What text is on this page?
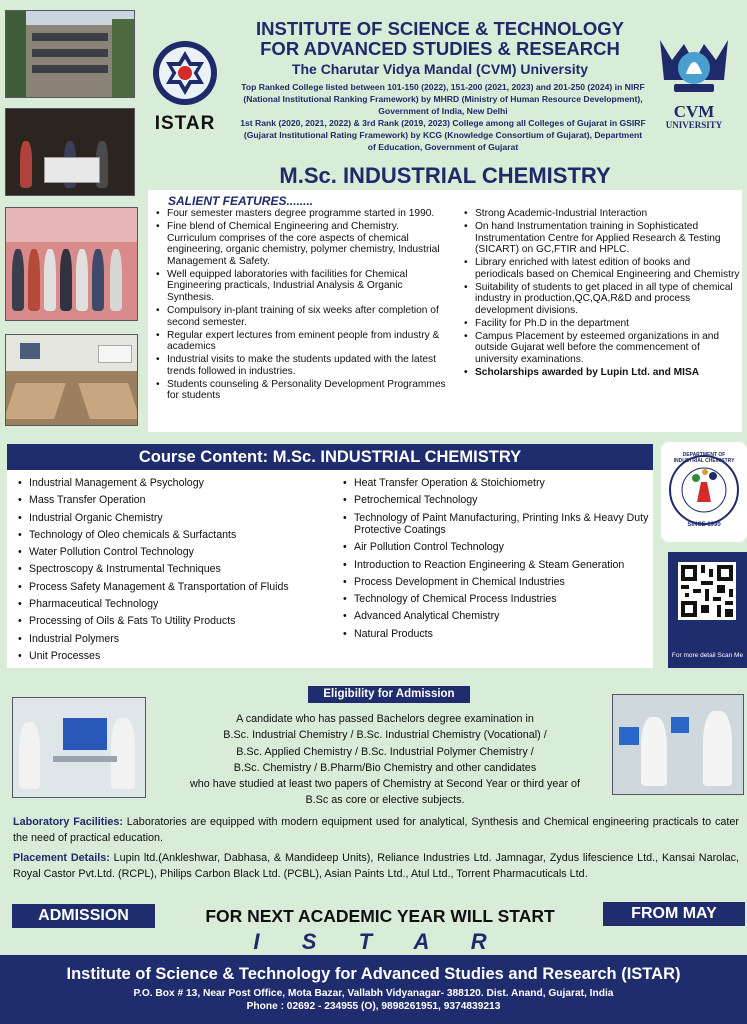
ISTAR
CVM
UNIVERSITY
INSTITUTE OF SCIENCE & TECHNOLOGY
FOR ADVANCED STUDIES & RESEARCH
The Charutar Vidya Mandal (CVM) University
Top Ranked College listed between 101-150 (2022), 151-200 (2021, 2023) and 201-250 (2024) in NIRF
(National Institutional Ranking Framework) by MHRD (Ministry of Human Resource Development),
Government of India, New Delhi
1st Rank (2020, 2021, 2022) & 3rd Rank (2019, 2023) College among all Colleges of Gujarat in GSIRF
(Gujarat Institutional Rating Framework) by KCG (Knowledge Consortium of Gujarat), Department
of Education, Government of Gujarat
M.Sc. INDUSTRIAL CHEMISTRY
SALIENT FEATURES........
• Four semester masters degree programme started in 1990.
• Fine blend of Chemical Engineering and Chemistry. Curriculum comprises of the core aspects of chemical engineering, organic chemistry, polymer chemistry, Industrial Management & Safety.
• Well equipped laboratories with facilities for Chemical Engineering practicals, Industrial Analysis & Organic Synthesis.
• Compulsory in-plant training of six weeks after completion of second semester.
• Regular expert lectures from eminent people from industry & academics
• Industrial visits to make the students updated with the latest trends followed in industries.
• Students counseling & Personality Development Programmes for students
• Strong Academic-Industrial Interaction
• On hand Instrumentation training in Sophisticated Instrumentation Centre for Applied Research & Testing (SICART) on GC,FTIR and HPLC.
• Library enriched with latest edition of books and periodicals based on Chemical Engineering and Chemistry
• Suitability of students to get placed in all type of chemical industry in production,QC,QA,R&D and process development divisions.
• Facility for Ph.D in the department
• Campus Placement by esteemed organizations in and outside Gujarat well before the commencement of university examinations.
• Scholarships awarded by Lupin Ltd. and MISA
Course Content: M.Sc. INDUSTRIAL CHEMISTRY
• Industrial Management & Psychology
• Mass Transfer Operation
• Industrial Organic Chemistry
• Technology of Oleo chemicals & Surfactants
• Water Pollution Control Technology
• Spectroscopy & Instrumental Techniques
• Process Safety Management & Transportation of Fluids
• Pharmaceutical Technology
• Processing of Oils & Fats To Utility Products
• Industrial Polymers
• Unit Processes
• Heat Transfer Operation & Stoichiometry
• Petrochemical Technology
• Technology of Paint Manufacturing, Printing Inks & Heavy Duty Protective Coatings
• Air Pollution Control Technology
• Introduction to Reaction Engineering & Steam Generation
• Process Development in Chemical Industries
• Technology of Chemical Process Industries
• Advanced Analytical Chemistry
• Natural Products
DEPARTMENT OF INDUSTRIAL CHEMISTRY
SINCE 1990
For more detail Scan Me
Eligibility for Admission
A candidate who has passed Bachelors degree examination in
B.Sc. Industrial Chemistry / B.Sc. Industrial Chemistry (Vocational) /
B.Sc. Applied Chemistry / B.Sc. Industrial Polymer Chemistry /
B.Sc. Chemistry / B.Pharm/Bio Chemistry and other candidates
who have studied at least two papers of Chemistry at Second Year or third year of
B.Sc as core or elective subjects.
Laboratory Facilities: Laboratories are equipped with modern equipment used for analytical, Synthesis and Chemical engineering practicals to cater the need of practical education.
Placement Details: Lupin ltd.(Ankleshwar, Dabhasa, & Mandideep Units), Reliance Industries Ltd. Jamnagar, Zydus lifescience Ltd., Kansai Narolac, Royal Castor Pvt.Ltd. (RCPL), Philips Carbon Black Ltd. (PCBL), Asian Paints Ltd., Atul Ltd., Torrent Pharmacuticals Ltd.
ADMISSION	FOR NEXT ACADEMIC YEAR WILL START	FROM MAY
I  S  T  A  R
Institute of Science & Technology for Advanced Studies and Research (ISTAR)
P.O. Box # 13, Near Post Office, Mota Bazar, Vallabh Vidyanagar- 388120. Dist. Anand, Gujarat, India
Phone : 02692 - 234955 (O), 9898261951, 9374839213
